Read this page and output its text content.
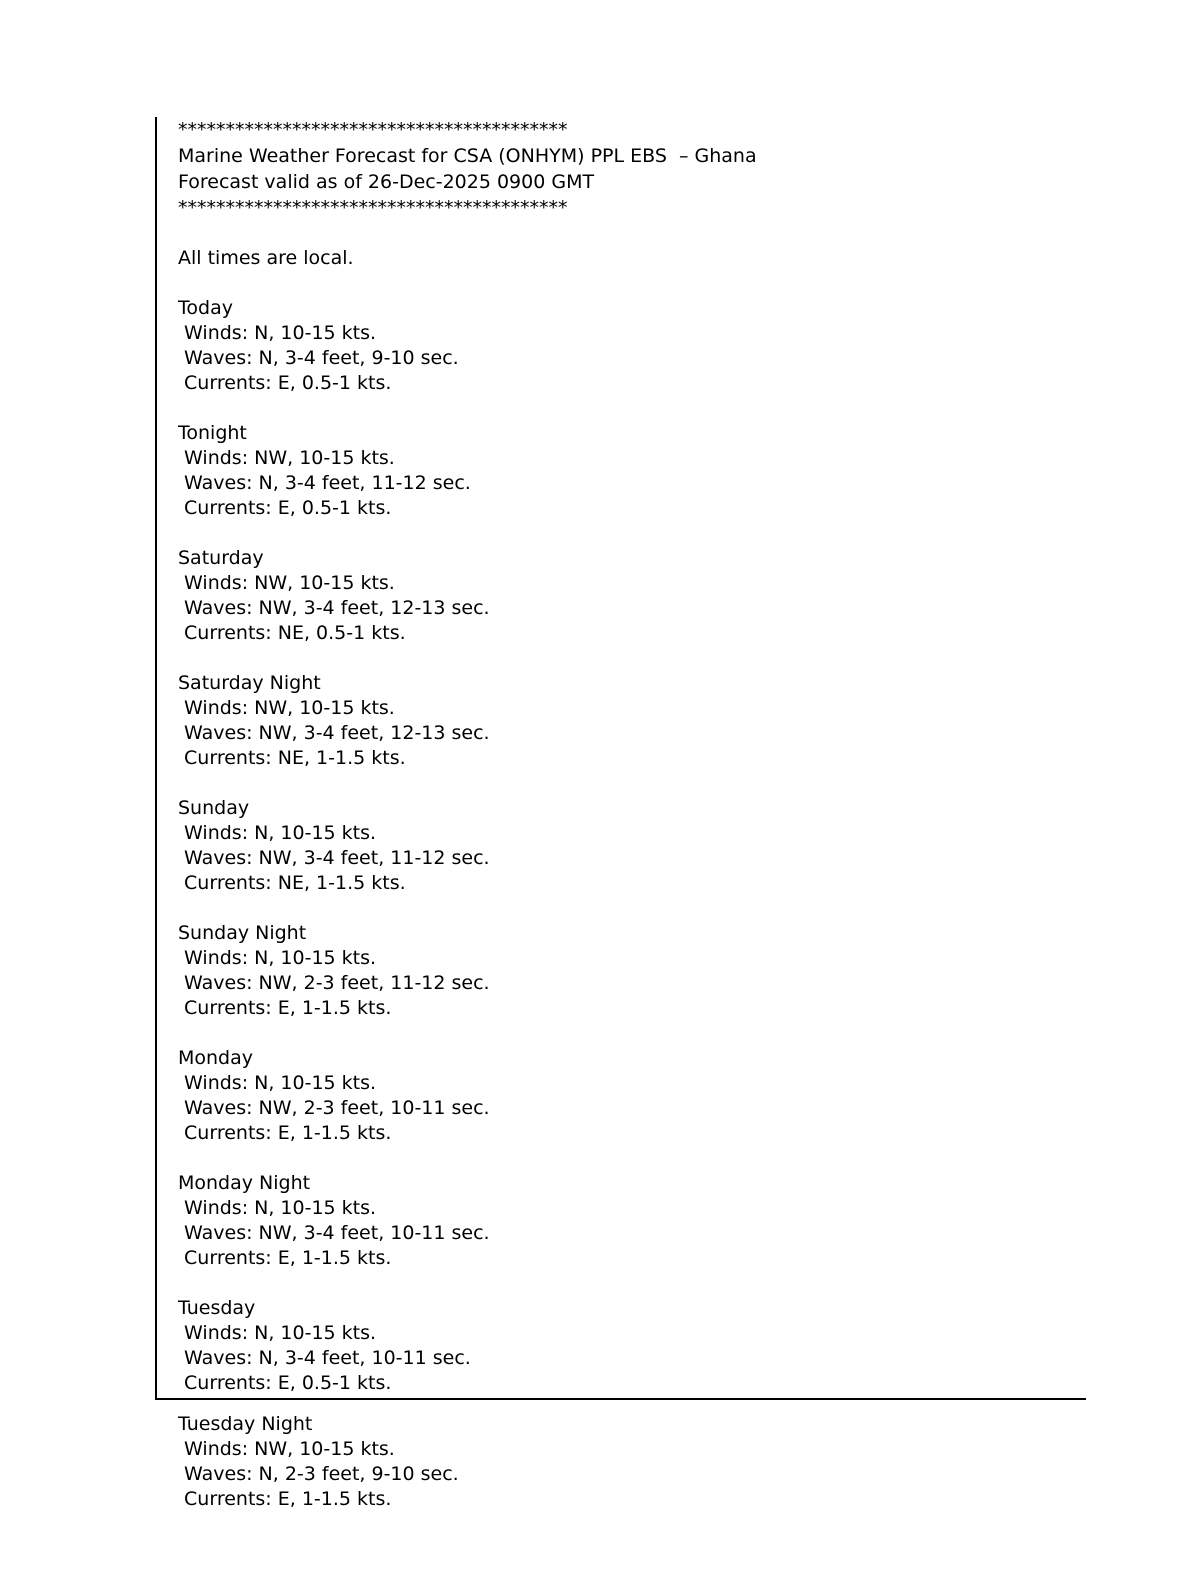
*****************************************
Marine Weather Forecast for CSA (ONHYM) PPL EBS  – Ghana
Forecast valid as of 26-Dec-2025 0900 GMT
*****************************************
All times are local.
Today
Winds: N, 10-15 kts.
Waves: N, 3-4 feet, 9-10 sec.
Currents: E, 0.5-1 kts.
Tonight
Winds: NW, 10-15 kts.
Waves: N, 3-4 feet, 11-12 sec.
Currents: E, 0.5-1 kts.
Saturday
Winds: NW, 10-15 kts.
Waves: NW, 3-4 feet, 12-13 sec.
Currents: NE, 0.5-1 kts.
Saturday Night
Winds: NW, 10-15 kts.
Waves: NW, 3-4 feet, 12-13 sec.
Currents: NE, 1-1.5 kts.
Sunday
Winds: N, 10-15 kts.
Waves: NW, 3-4 feet, 11-12 sec.
Currents: NE, 1-1.5 kts.
Sunday Night
Winds: N, 10-15 kts.
Waves: NW, 2-3 feet, 11-12 sec.
Currents: E, 1-1.5 kts.
Monday
Winds: N, 10-15 kts.
Waves: NW, 2-3 feet, 10-11 sec.
Currents: E, 1-1.5 kts.
Monday Night
Winds: N, 10-15 kts.
Waves: NW, 3-4 feet, 10-11 sec.
Currents: E, 1-1.5 kts.
Tuesday
Winds: N, 10-15 kts.
Waves: N, 3-4 feet, 10-11 sec.
Currents: E, 0.5-1 kts.
Tuesday Night
Winds: NW, 10-15 kts.
Waves: N, 2-3 feet, 9-10 sec.
Currents: E, 1-1.5 kts.
